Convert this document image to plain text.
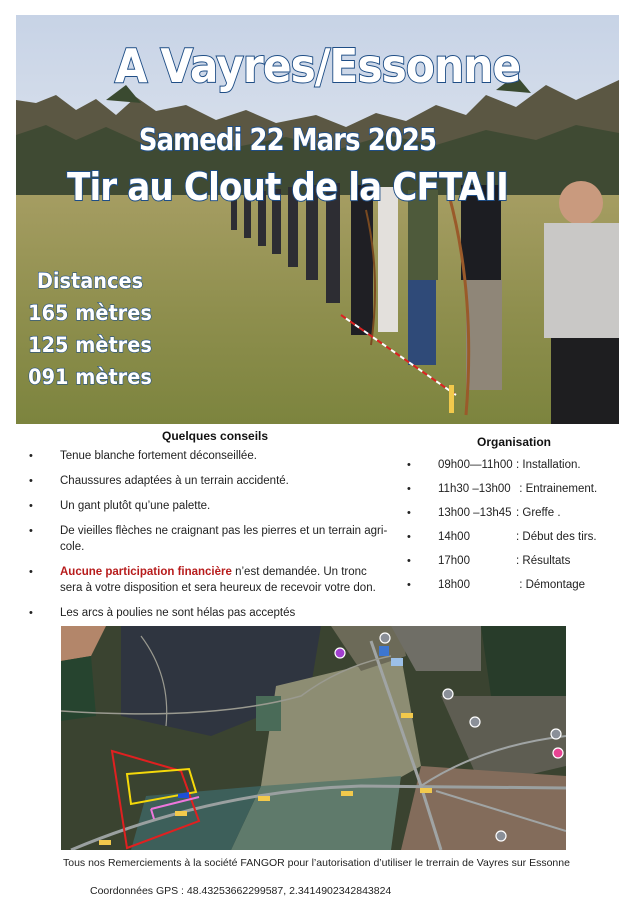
A Vayres/Essonne
Samedi 22 Mars 2025
Tir au Clout de la CFTAII
Distances
165 mètres
125 mètres
091 mètres
Quelques conseils
• Tenue blanche fortement déconseillée.
• Chaussures adaptées à un terrain accidenté.
• Un gant plutôt qu’une palette.
• De vieilles flèches ne craignant pas les pierres et un terrain agri-cole.
• Aucune participation financière n’est demandée. Un tronc sera à votre disposition et sera heureux de recevoir votre don.
• Les arcs à poulies ne sont hélas pas acceptés
Organisation
• 09h00—11h00 : Installation.
• 11h30 –13h00 : Entrainement.
• 13h00 –13h45 : Greffe .
• 14h00	: Début des tirs.
• 17h00	: Résultats
• 18h00	: Démontage
Tous nos Remerciements à la société FANGOR pour l’autorisation d’utiliser le trerrain de Vayres sur Essonne
Coordonnées GPS : 48.43253662299587, 2.3414902342843824
